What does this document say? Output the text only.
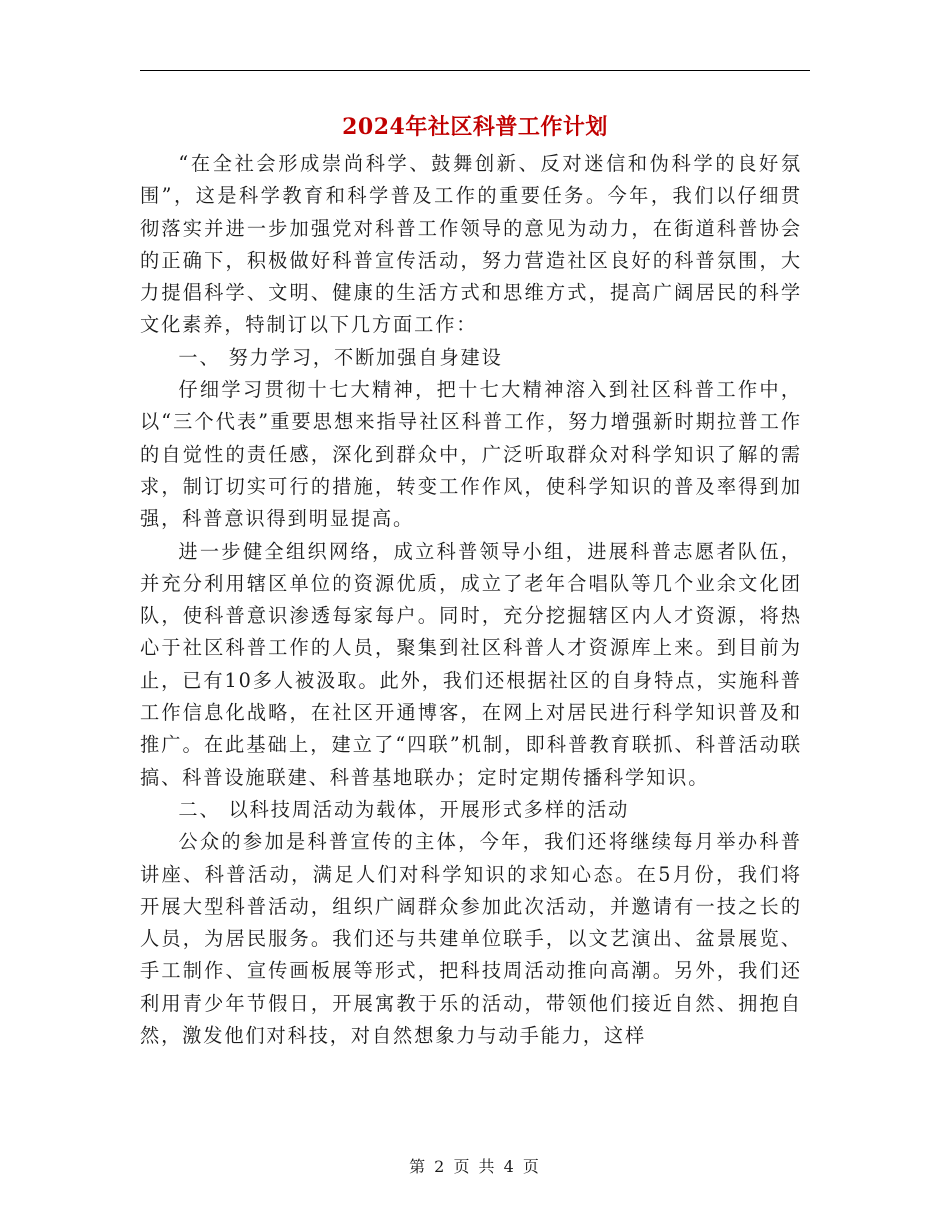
2024年社区科普工作计划

“在全社会形成崇尚科学、鼓舞创新、反对迷信和伪科学的良好氛围”，这是科学教育和科学普及工作的重要任务。今年，我们以仔细贯彻落实并进一步加强党对科普工作领导的意见为动力，在街道科普协会的正确下，积极做好科普宣传活动，努力营造社区良好的科普氛围，大力提倡科学、文明、健康的生活方式和思维方式，提高广阔居民的科学文化素养，特制订以下几方面工作：

一、 努力学习，不断加强自身建设

仔细学习贯彻十七大精神，把十七大精神溶入到社区科普工作中，以“三个代表”重要思想来指导社区科普工作，努力增强新时期拉普工作的自觉性的责任感，深化到群众中，广泛听取群众对科学知识了解的需求，制订切实可行的措施，转变工作作风，使科学知识的普及率得到加强，科普意识得到明显提高。

进一步健全组织网络，成立科普领导小组，进展科普志愿者队伍，并充分利用辖区单位的资源优质，成立了老年合唱队等几个业余文化团队，使科普意识渗透每家每户。同时，充分挖掘辖区内人才资源，将热心于社区科普工作的人员，聚集到社区科普人才资源库上来。到目前为止，已有10多人被汲取。此外，我们还根据社区的自身特点，实施科普工作信息化战略，在社区开通博客，在网上对居民进行科学知识普及和推广。在此基础上，建立了“四联”机制，即科普教育联抓、科普活动联搞、科普设施联建、科普基地联办；定时定期传播科学知识。

二、 以科技周活动为载体，开展形式多样的活动

公众的参加是科普宣传的主体，今年，我们还将继续每月举办科普讲座、科普活动，满足人们对科学知识的求知心态。在5月份，我们将开展大型科普活动，组织广阔群众参加此次活动，并邀请有一技之长的人员，为居民服务。我们还与共建单位联手，以文艺演出、盆景展览、手工制作、宣传画板展等形式，把科技周活动推向高潮。另外，我们还利用青少年节假日，开展寓教于乐的活动，带领他们接近自然、拥抱自然，激发他们对科技，对自然想象力与动手能力，这样

第 2 页 共 4 页
